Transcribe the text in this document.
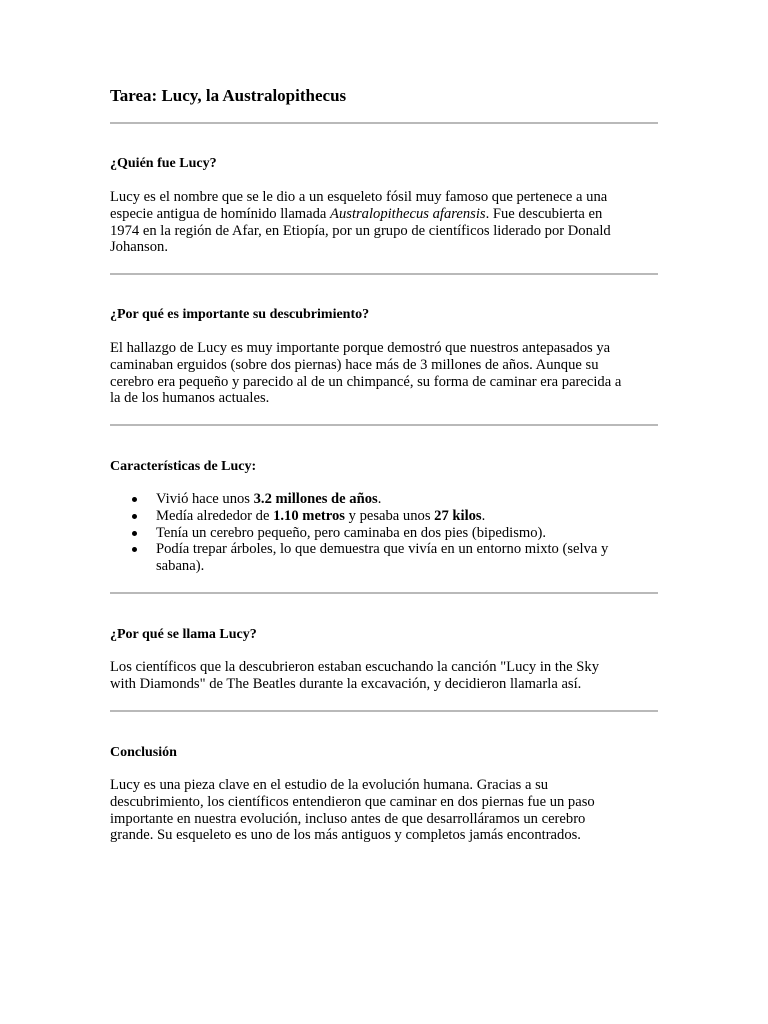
Tarea: Lucy, la Australopithecus
¿Quién fue Lucy?
Lucy es el nombre que se le dio a un esqueleto fósil muy famoso que pertenece a una
especie antigua de homínido llamada Australopithecus afarensis. Fue descubierta en
1974 en la región de Afar, en Etiopía, por un grupo de científicos liderado por Donald
Johanson.
¿Por qué es importante su descubrimiento?
El hallazgo de Lucy es muy importante porque demostró que nuestros antepasados ya
caminaban erguidos (sobre dos piernas) hace más de 3 millones de años. Aunque su
cerebro era pequeño y parecido al de un chimpancé, su forma de caminar era parecida a
la de los humanos actuales.
Características de Lucy:
Vivió hace unos 3.2 millones de años.
Medía alrededor de 1.10 metros y pesaba unos 27 kilos.
Tenía un cerebro pequeño, pero caminaba en dos pies (bipedismo).
Podía trepar árboles, lo que demuestra que vivía en un entorno mixto (selva y
sabana).
¿Por qué se llama Lucy?
Los científicos que la descubrieron estaban escuchando la canción "Lucy in the Sky
with Diamonds" de The Beatles durante la excavación, y decidieron llamarla así.
Conclusión
Lucy es una pieza clave en el estudio de la evolución humana. Gracias a su
descubrimiento, los científicos entendieron que caminar en dos piernas fue un paso
importante en nuestra evolución, incluso antes de que desarrolláramos un cerebro
grande. Su esqueleto es uno de los más antiguos y completos jamás encontrados.
